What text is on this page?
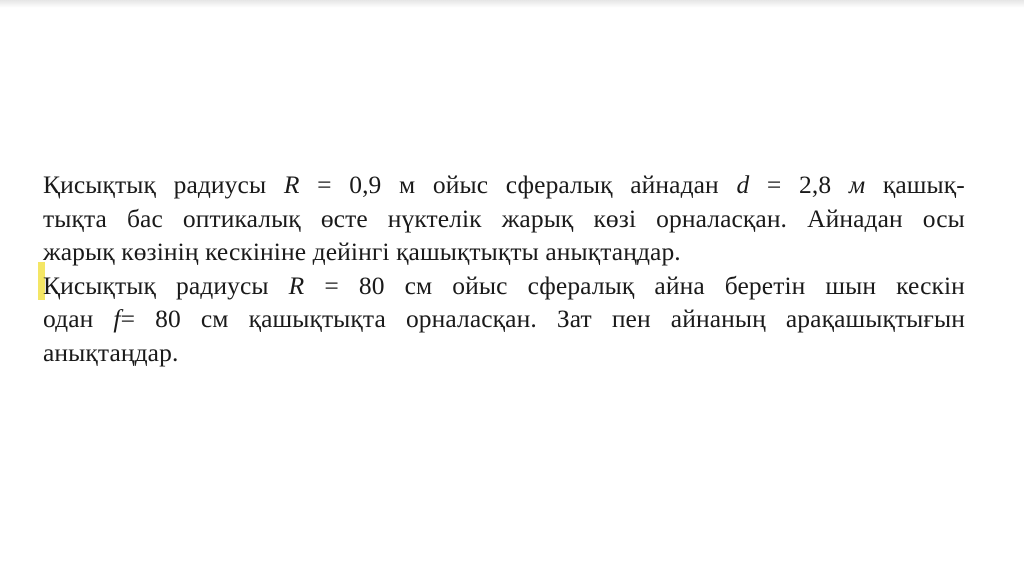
Қисықтық радиусы R = 0,9 м ойыс сфералық айнадан d = 2,8 м қашық-
тықта бас оптикалық өсте нүктелік жарық көзі орналасқан. Айнадан осы
жарық көзінің кескініне дейінгі қашықтықты анықтаңдар.

Қисықтық радиусы R = 80 см ойыс сфералық айна беретін шын кескін
одан f= 80 см қашықтықта орналасқан. Зат пен айнаның арақашықтығын
анықтаңдар.
